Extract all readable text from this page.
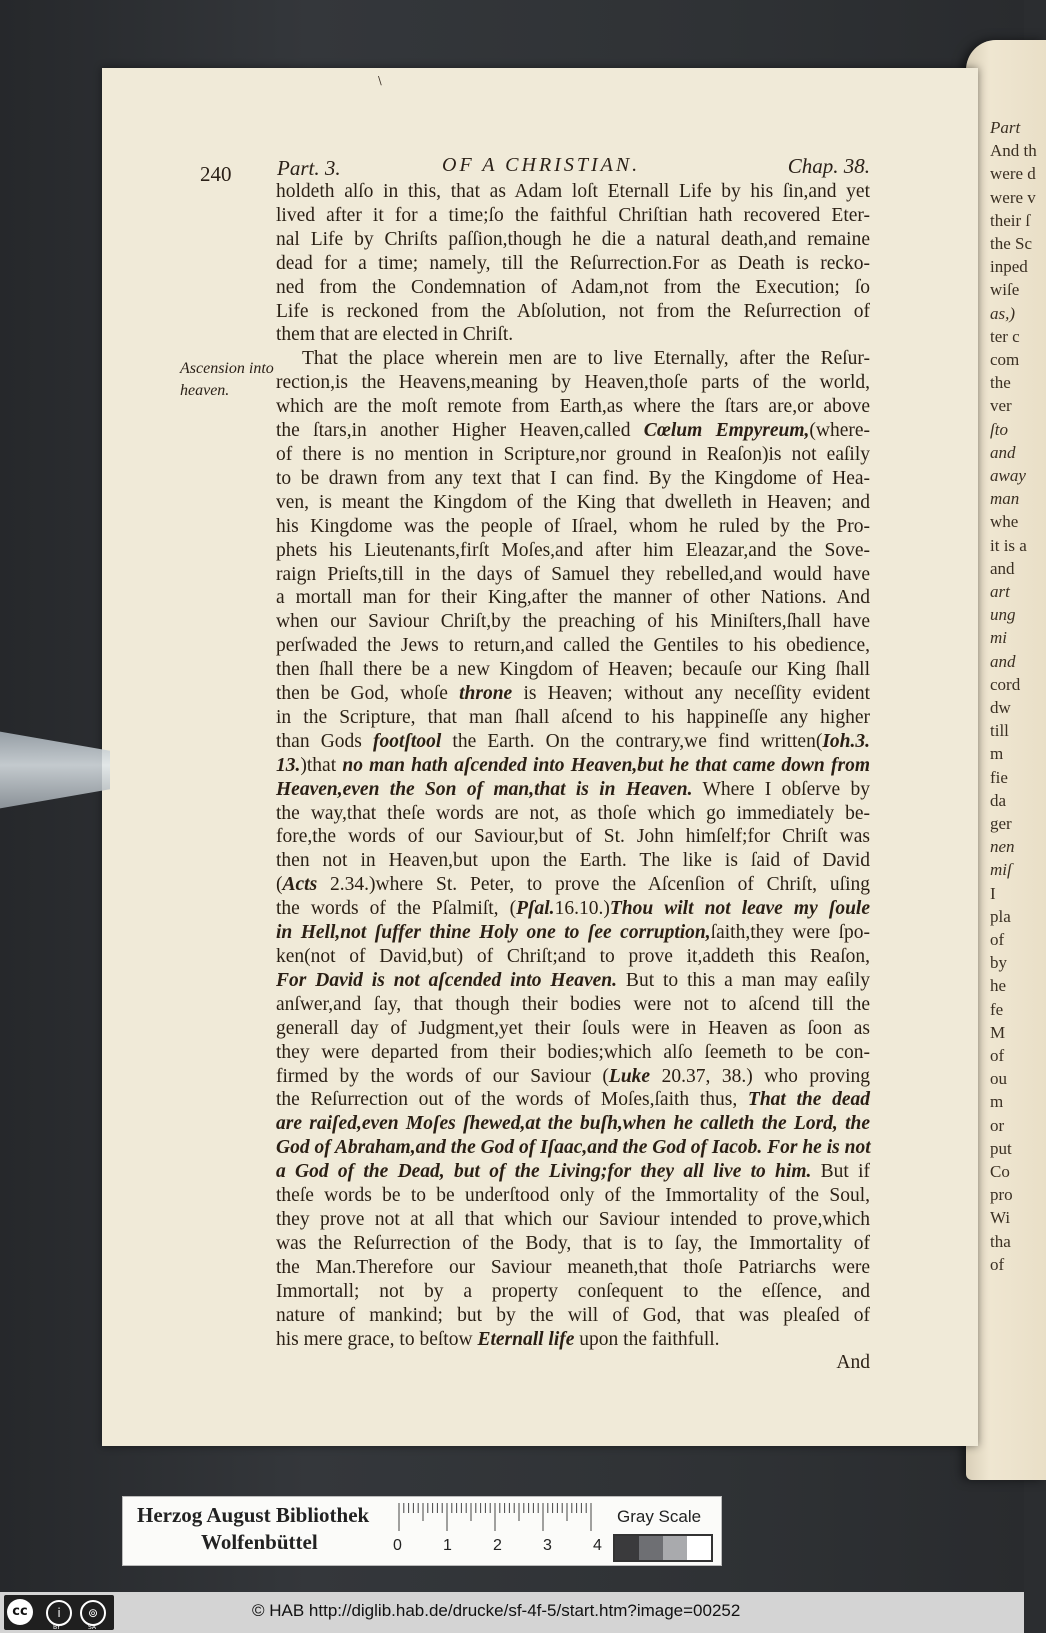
Part
And th
were d
were v
their ſ
the Sc
inped
wiſe
as,)
ter c
com
the
ver
ſto
and
away
man
whe
it is a
and
art
ung
mi
and
cord
dw
till
m
fie
da
ger
nen
miſ
I
pla
of
by
he
fe
M
of
ou
m
or
put
Co
pro
Wi
tha
of
\
240 Part. 3.	OF A CHRISTIAN.	Chap. 38.
Ascension into
heaven.
holdeth alſo in this, that as Adam loſt Eternall Life by his ſin,and yet
lived after it for a time;ſo the faithful Chriſtian hath recovered Eter-
nal Life by Chriſts paſſion,though he die a natural death,and remaine
dead for a time; namely, till the Reſurrection.For as Death is recko-
ned from the Condemnation of Adam,not from the Execution; ſo
Life is reckoned from the Abſolution, not from the Reſurrection of
them that are elected in Chriſt.
That the place wherein men are to live Eternally, after the Reſur-
rection,is the Heavens,meaning by Heaven,thoſe parts of the world,
which are the moſt remote from Earth,as where the ſtars are,or above
the ſtars,in another Higher Heaven,called Cœlum Empyreum,(where-
of there is no mention in Scripture,nor ground in Reaſon)is not eaſily
to be drawn from any text that I can find. By the Kingdome of Hea-
ven, is meant the Kingdom of the King that dwelleth in Heaven; and
his Kingdome was the people of Iſrael, whom he ruled by the Pro-
phets his Lieutenants,firſt Moſes,and after him Eleazar,and the Sove-
raign Prieſts,till in the days of Samuel they rebelled,and would have
a mortall man for their King,after the manner of other Nations. And
when our Saviour Chriſt,by the preaching of his Miniſters,ſhall have
perſwaded the Jews to return,and called the Gentiles to his obedience,
then ſhall there be a new Kingdom of Heaven; becauſe our King ſhall
then be God, whoſe throne is Heaven; without any neceſſity evident
in the Scripture, that man ſhall aſcend to his happineſſe any higher
than Gods footſtool the Earth. On the contrary,we find written(Ioh.3.
13.)that no man hath aſcended into Heaven,but he that came down from
Heaven,even the Son of man,that is in Heaven. Where I obſerve by
the way,that theſe words are not, as thoſe which go immediately be-
fore,the words of our Saviour,but of St. John himſelf;for Chriſt was
then not in Heaven,but upon the Earth. The like is ſaid of David
(Acts 2.34.)where St. Peter, to prove the Aſcenſion of Chriſt, uſing
the words of the Pſalmiſt, (Pſal.16.10.)Thou wilt not leave my ſoule
in Hell,not ſuffer thine Holy one to ſee corruption,ſaith,they were ſpo-
ken(not of David,but) of Chriſt;and to prove it,addeth this Reaſon,
For David is not aſcended into Heaven. But to this a man may eaſily
anſwer,and ſay, that though their bodies were not to aſcend till the
generall day of Judgment,yet their ſouls were in Heaven as ſoon as
they were departed from their bodies;which alſo ſeemeth to be con-
firmed by the words of our Saviour (Luke 20.37, 38.) who proving
the Reſurrection out of the words of Moſes,ſaith thus, That the dead
are raiſed,even Moſes ſhewed,at the buſh,when he calleth the Lord, the
God of Abraham,and the God of Iſaac,and the God of Iacob. For he is not
a God of the Dead, but of the Living;for they all live to him. But if
theſe words be to be underſtood only of the Immortality of the Soul,
they prove not at all that which our Saviour intended to prove,which
was the Reſurrection of the Body, that is to ſay, the Immortality of
the Man.Therefore our Saviour meaneth,that thoſe Patriarchs were
Immortall; not by a property conſequent to the eſſence, and
nature of mankind; but by the will of God, that was pleaſed of
his mere grace, to beſtow Eternall life upon the faithfull.
And
Herzog August Bibliothek
Wolfenbüttel	0	1	2	3	4
Gray Scale
cc	i	⊚
BY	SA
© HAB http://diglib.hab.de/drucke/sf-4f-5/start.htm?image=00252
